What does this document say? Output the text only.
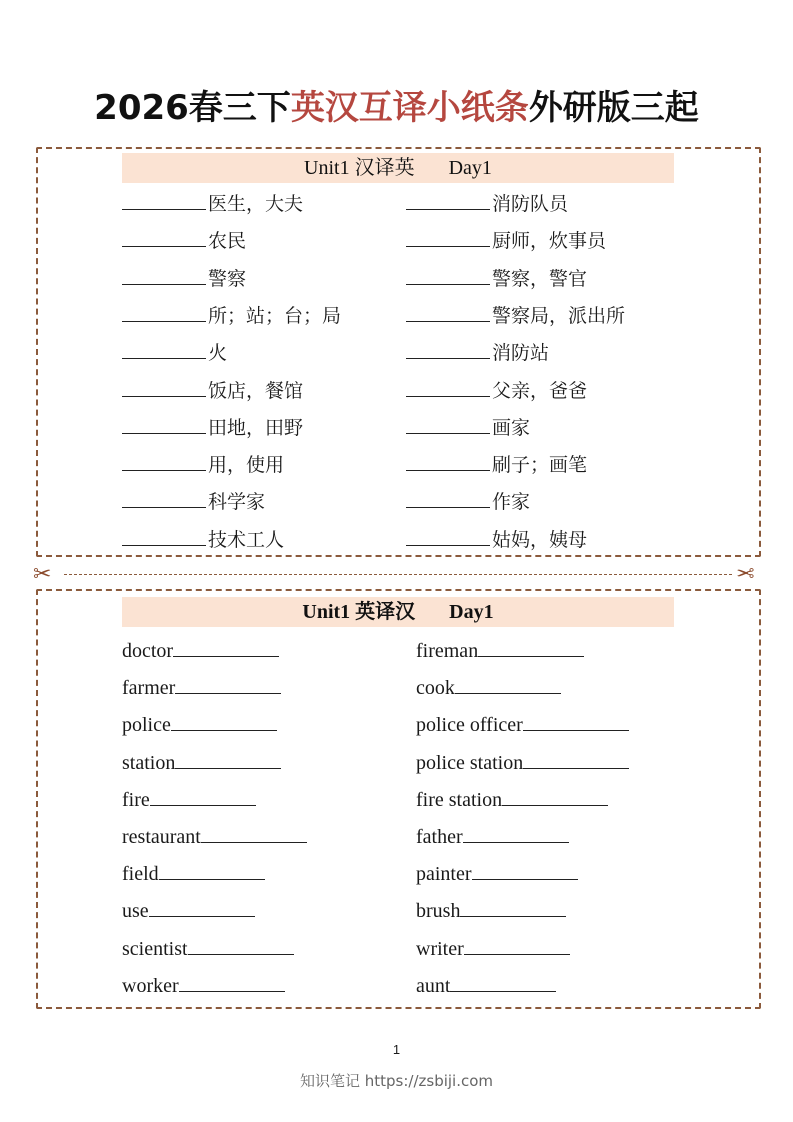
2026春三下英汉互译小纸条外研版三起
Unit1 汉译英 Day1
医生，大夫
农民
警察
所；站；台；局
火
饭店，餐馆
田地，田野
用，使用
科学家
技术工人
消防队员
厨师，炊事员
警察，警官
警察局，派出所
消防站
父亲，爸爸
画家
刷子；画笔
作家
姑妈，姨母
✂	✂
Unit1 英译汉 Day1
doctor
farmer
police
station
fire
restaurant
field
use
scientist
worker
fireman
cook
police officer
police station
fire station
father
painter
brush
writer
aunt
1
知识笔记 https://zsbiji.com
